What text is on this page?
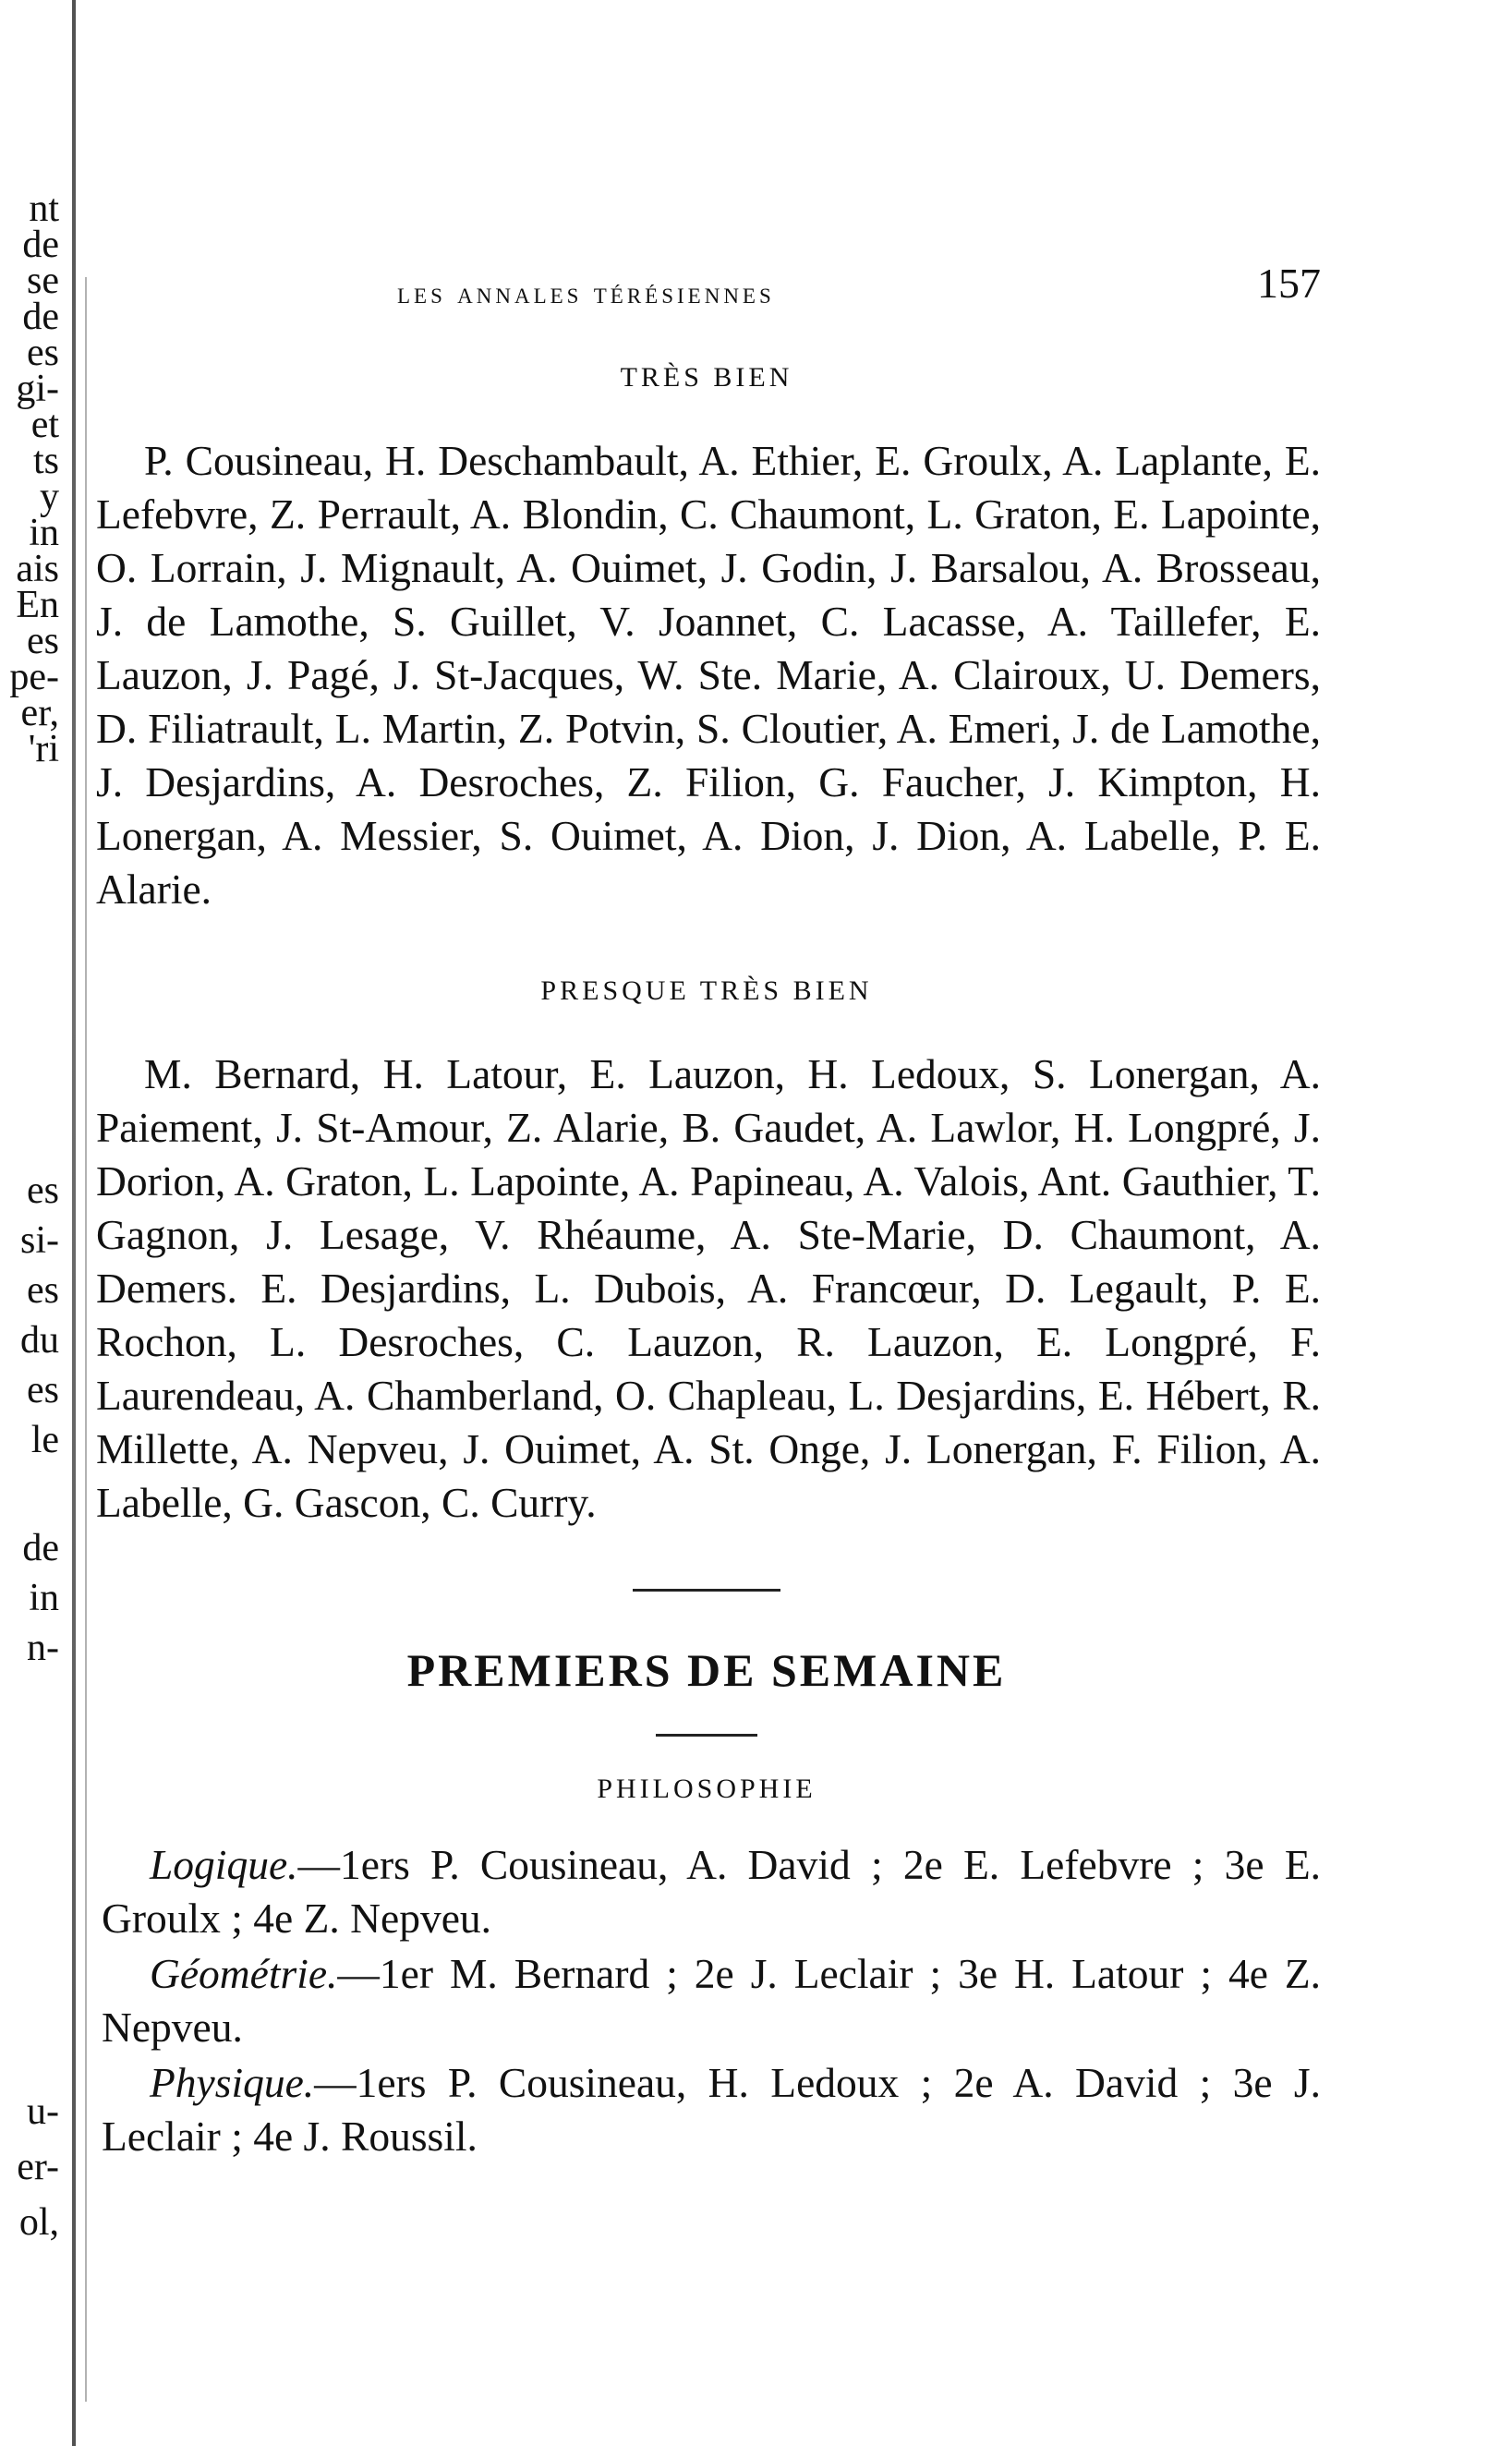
nt
de
se
de
es
gi-
et
ts
y
in
ais
En
es
pe-
er,
'ri
es
si-
es
du
es
le
de
in
n-
u-
er-
ol,
les annales térésiennes	157
TRÈS BIEN

P. Cousineau, H. Deschambault, A. Ethier, E. Groulx, A. Laplante, E. Lefebvre, Z. Perrault, A. Blondin, C. Chaumont, L. Graton, E. Lapointe, O. Lorrain, J. Mignault, A. Ouimet, J. Godin, J. Barsalou, A. Brosseau, J. de Lamothe, S. Guillet, V. Joannet, C. Lacasse, A. Taillefer, E. Lauzon, J. Pagé, J. St-Jacques, W. Ste. Marie, A. Clairoux, U. Demers, D. Filiatrault, L. Martin, Z. Potvin, S. Cloutier, A. Emeri, J. de Lamothe, J. Desjardins, A. Desroches, Z. Filion, G. Faucher, J. Kimpton, H. Lonergan, A. Messier, S. Ouimet, A. Dion, J. Dion, A. Labelle, P. E. Alarie.

PRESQUE TRÈS BIEN

M. Bernard, H. Latour, E. Lauzon, H. Ledoux, S. Lonergan, A. Paiement, J. St-Amour, Z. Alarie, B. Gaudet, A. Lawlor, H. Longpré, J. Dorion, A. Graton, L. Lapointe, A. Papineau, A. Valois, Ant. Gauthier, T. Gagnon, J. Lesage, V. Rhéaume, A. Ste-Marie, D. Chaumont, A. Demers. E. Desjardins, L. Dubois, A. Francœur, D. Legault, P. E. Rochon, L. Desroches, C. Lauzon, R. Lauzon, E. Longpré, F. Laurendeau, A. Chamberland, O. Chapleau, L. Desjardins, E. Hébert, R. Millette, A. Nepveu, J. Ouimet, A. St. Onge, J. Lonergan, F. Filion, A. Labelle, G. Gascon, C. Curry.

PREMIERS DE SEMAINE
PHILOSOPHIE

Logique.—1ers P. Cousineau, A. David ; 2e E. Lefebvre ; 3e E. Groulx ; 4e Z. Nepveu.

Géométrie.—1er M. Bernard ; 2e J. Leclair ; 3e H. Latour ; 4e Z. Nepveu.

Physique.—1ers P. Cousineau, H. Ledoux ; 2e A. David ; 3e J. Leclair ; 4e J. Roussil.
